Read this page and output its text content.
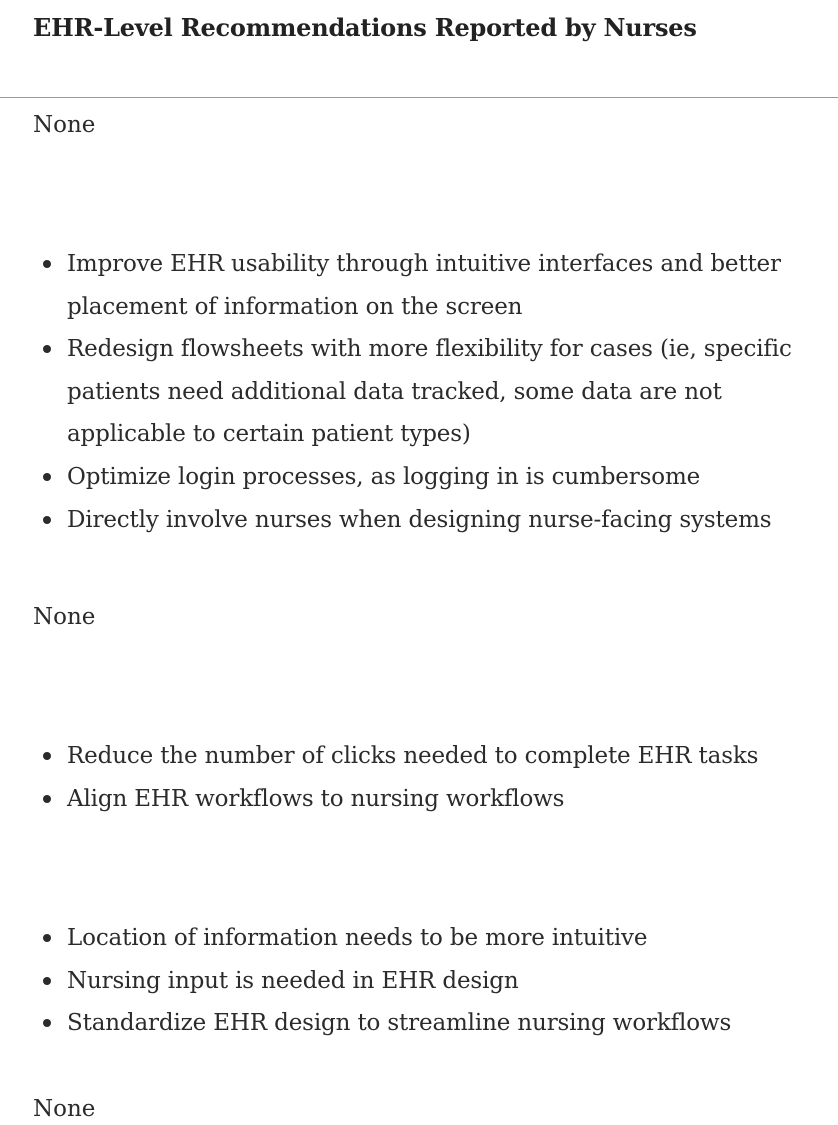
EHR-Level Recommendations Reported by Nurses

None

Improve EHR usability through intuitive interfaces and better placement of information on the screen
Redesign flowsheets with more flexibility for cases (ie, specific patients need additional data tracked, some data are not applicable to certain patient types)
Optimize login processes, as logging in is cumbersome
Directly involve nurses when designing nurse-facing systems

None

Reduce the number of clicks needed to complete EHR tasks
Align EHR workflows to nursing workflows
Location of information needs to be more intuitive
Nursing input is needed in EHR design
Standardize EHR design to streamline nursing workflows

None
